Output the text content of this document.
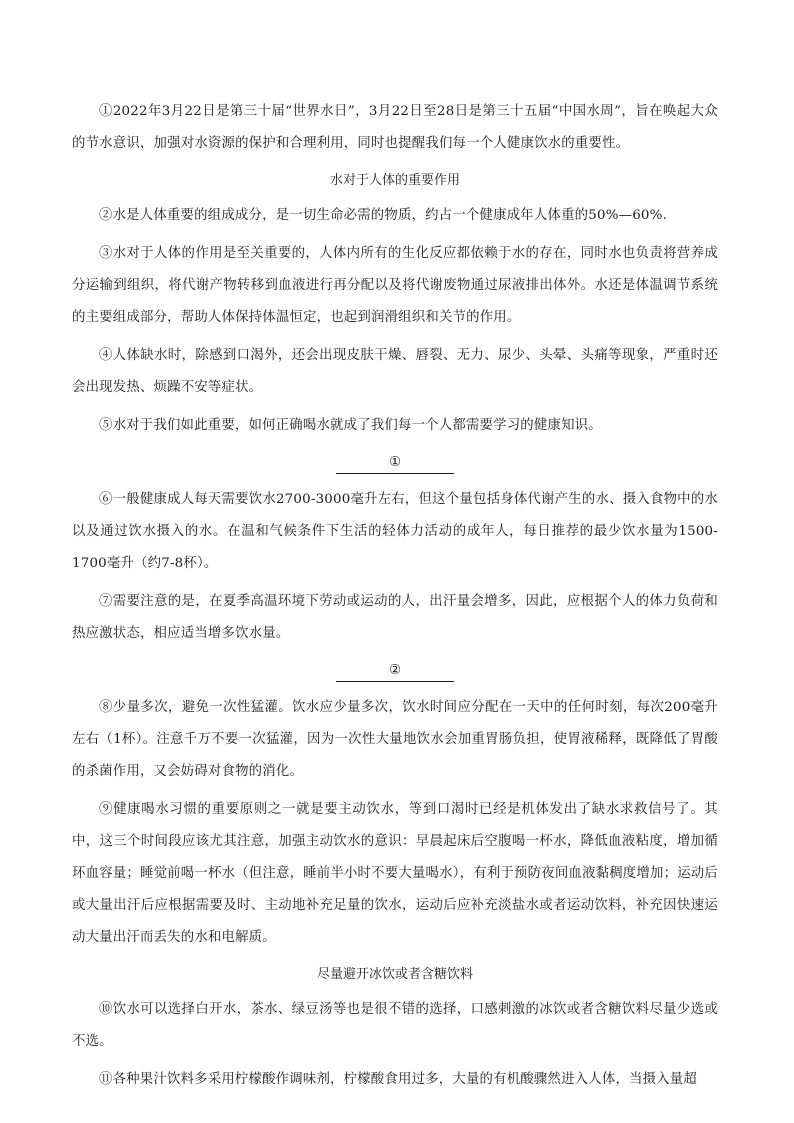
①2022年3月22日是第三十届“世界水日”，3月22日至28日是第三十五届“中国水周”，旨在唤起大众的节水意识，加强对水资源的保护和合理利用，同时也提醒我们每一个人健康饮水的重要性。

水对于人体的重要作用

②水是人体重要的组成成分，是一切生命必需的物质，约占一个健康成年人体重的50%—60%.

③水对于人体的作用是至关重要的，人体内所有的生化反应都依赖于水的存在，同时水也负责将营养成分运输到组织，将代谢产物转移到血液进行再分配以及将代谢废物通过尿液排出体外。水还是体温调节系统的主要组成部分，帮助人体保持体温恒定，也起到润滑组织和关节的作用。

④人体缺水时，除感到口渴外，还会出现皮肤干燥、唇裂、无力、尿少、头晕、头痛等现象，严重时还会出现发热、烦躁不安等症状。

⑤水对于我们如此重要，如何正确喝水就成了我们每一个人都需要学习的健康知识。

①

⑥一般健康成人每天需要饮水2700-3000毫升左右，但这个量包括身体代谢产生的水、摄入食物中的水以及通过饮水摄入的水。在温和气候条件下生活的轻体力活动的成年人，每日推荐的最少饮水量为1500-1700毫升（约7-8杯）。

⑦需要注意的是，在夏季高温环境下劳动或运动的人，出汗量会增多，因此，应根据个人的体力负荷和热应激状态，相应适当增多饮水量。

②

⑧少量多次，避免一次性猛灌。饮水应少量多次，饮水时间应分配在一天中的任何时刻，每次200毫升左右（1杯）。注意千万不要一次猛灌，因为一次性大量地饮水会加重胃肠负担，使胃液稀释，既降低了胃酸的杀菌作用，又会妨碍对食物的消化。

⑨健康喝水习惯的重要原则之一就是要主动饮水，等到口渴时已经是机体发出了缺水求救信号了。其中，这三个时间段应该尤其注意，加强主动饮水的意识：早晨起床后空腹喝一杯水，降低血液粘度，增加循环血容量；睡觉前喝一杯水（但注意，睡前半小时不要大量喝水），有利于预防夜间血液黏稠度增加；运动后或大量出汗后应根据需要及时、主动地补充足量的饮水，运动后应补充淡盐水或者运动饮料，补充因快速运动大量出汗而丢失的水和电解质。

尽量避开冰饮或者含糖饮料

⑩饮水可以选择白开水，茶水、绿豆汤等也是很不错的选择，口感刺激的冰饮或者含糖饮料尽量少选或不选。

⑪各种果汁饮料多采用柠檬酸作调味剂，柠檬酸食用过多，大量的有机酸骤然进入人体，当摄入量超
